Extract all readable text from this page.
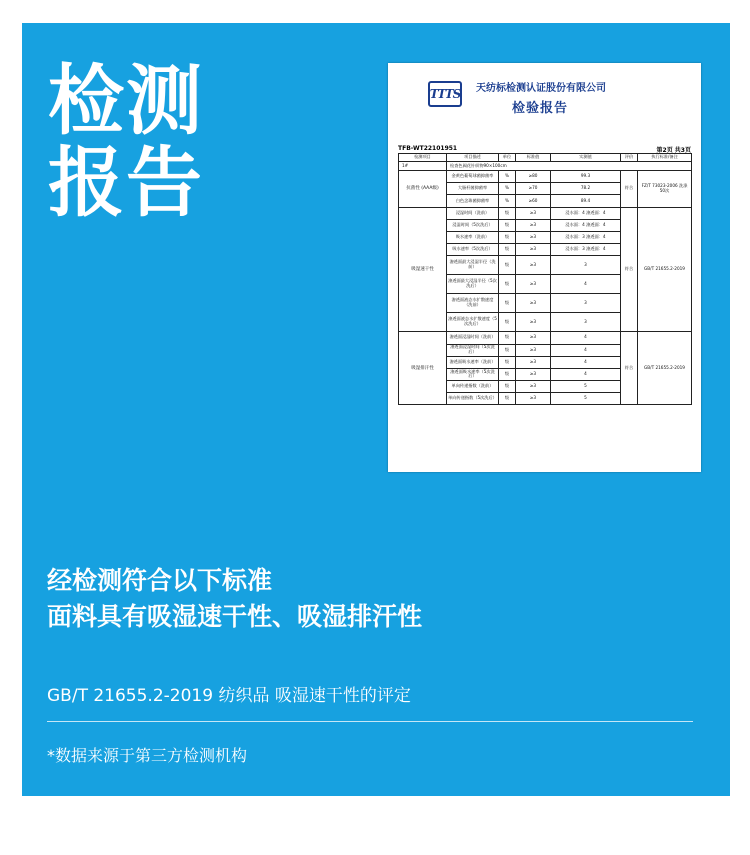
检测
报告
TTTS 天纺标检测认证股份有限公司
检验报告
TFB-WT22101951	第2页 共3页
检测项目	项目描述	单位	标准值	实测值	评价	执行标准/备注
1#	检查色阀花针织物90×100cm					
抗菌性 (AAA级)	金黄色葡萄球菌抑菌率	%	≥80	99.3	符合	FZ/T 73023-2006 洗涤50次
	大肠杆菌抑菌率	%	≥70	78.2		
	白色念珠菌抑菌率	%	≥60	89.4		
吸湿速干性	浸湿时间（洗前）	级	≥3	浸水面：4 渗透面：4	符合	GB/T 21655.2-2019
	浸湿时间（5次洗后）	级	≥3	浸水面：4 渗透面：4		
	吸水速率（洗前）	级	≥3	浸水面：3 渗透面：4		
	吸水速率（5次洗后）	级	≥3	浸水面：3 渗透面：4		
	渗透面最大浸湿半径（洗前）	级	≥3	3		
	渗透面最大浸湿半径（5次洗后）	级	≥3	4		
	渗透面液态水扩散速度（洗前）	级	≥3	3		
	渗透面液态水扩散速度（5次洗后）	级	≥3	3		
吸湿排汗性	渗透面浸湿时间（洗前）	级	≥3	4	符合	GB/T 21655.2-2019
	渗透面浸湿时间（5次洗后）	级	≥3	4		
	渗透面吸水速率（洗前）	级	≥3	4		
	渗透面吸水速率（5次洗后）	级	≥3	4		
	单向传递指数（洗前）	级	≥3	5		
	单向传递指数（5次洗后）	级	≥3	5		
经检测符合以下标准
面料具有吸湿速干性、吸湿排汗性
GB/T 21655.2-2019 纺织品 吸湿速干性的评定
*数据来源于第三方检测机构
